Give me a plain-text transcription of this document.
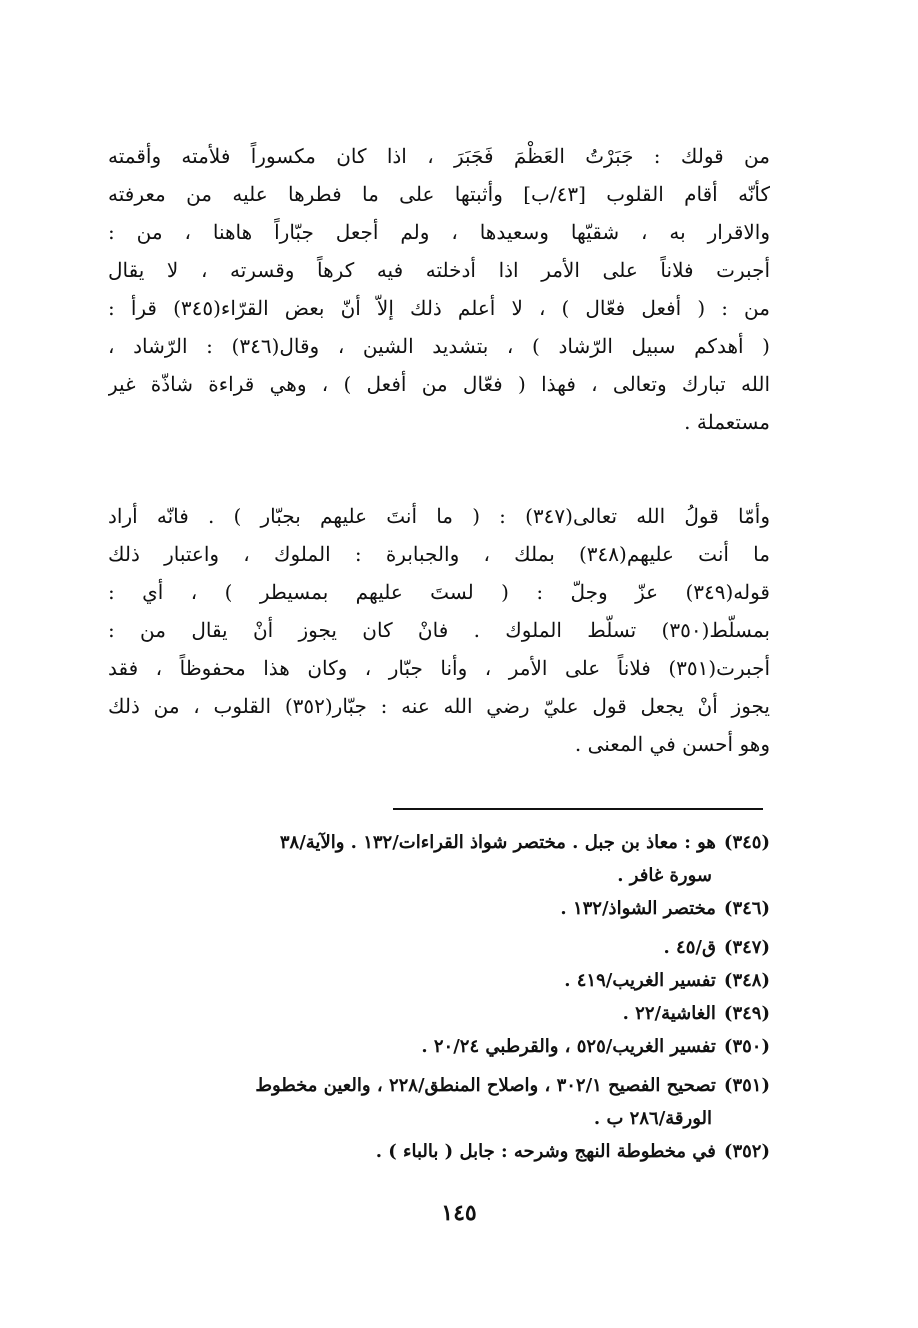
من قولك : جَبَرْتُ العَظْمَ فَجَبَرَ ، اذا كان مكسوراً فلأمته وأقمته
كأنّه أقام القلوب [٤٣/ب] وأثبتها على ما فطرها عليه من معرفته
والاقرار به ، شقيّها وسعيدها ، ولم أجعل جبّاراً هاهنا ، من :
أجبرت فلاناً على الأمر اذا أدخلته فيه كرهاً وقسرته ، لا يقال
من : ( أفعل فعّال ) ، لا أعلم ذلك إلاّ أنّ بعض القرّاء(٣٤٥) قرأ :
( أهدكم سبيل الرّشاد ) ، بتشديد الشين ، وقال(٣٤٦) : الرّشاد ،
الله تبارك وتعالى ، فهذا ( فعّال من أفعل ) ، وهي قراءة شاذّة غير
مستعملة .
وأمّا قولُ الله تعالى(٣٤٧) : ( ما أنتَ عليهم بجبّار ) . فانّه أراد
ما أنت عليهم(٣٤٨) بملك ، والجبابرة : الملوك ، واعتبار ذلك
قوله(٣٤٩) عزّ وجلّ : ( لستَ عليهم بمسيطر ) ، أي :
بمسلّط(٣٥٠) تسلّط الملوك . فانْ كان يجوز أنْ يقال من :
أجبرت(٣٥١) فلاناً على الأمر ، وأنا جبّار ، وكان هذا محفوظاً ، فقد
يجوز أنْ يجعل قول عليّ رضي الله عنه : جبّار(٣٥٢) القلوب ، من ذلك
وهو أحسن في المعنى .
(٣٤٥)هو : معاذ بن جبل . مختصر شواذ القراءات/١٣٢ . والآية/٣٨
سورة غافر .
(٣٤٦)مختصر الشواذ/١٣٢ .
(٣٤٧)ق/٤٥ .
(٣٤٨)تفسير الغريب/٤١٩ .
(٣٤٩)الغاشية/٢٢ .
(٣٥٠)تفسير الغريب/٥٢٥ ، والقرطبي ٢٠/٢٤ .
(٣٥١)تصحيح الفصيح ٣٠٢/١ ، واصلاح المنطق/٢٢٨ ، والعين مخطوط
الورقة/٢٨٦ ب .
(٣٥٢)في مخطوطة النهج وشرحه : جابل ( بالباء ) .
١٤٥
